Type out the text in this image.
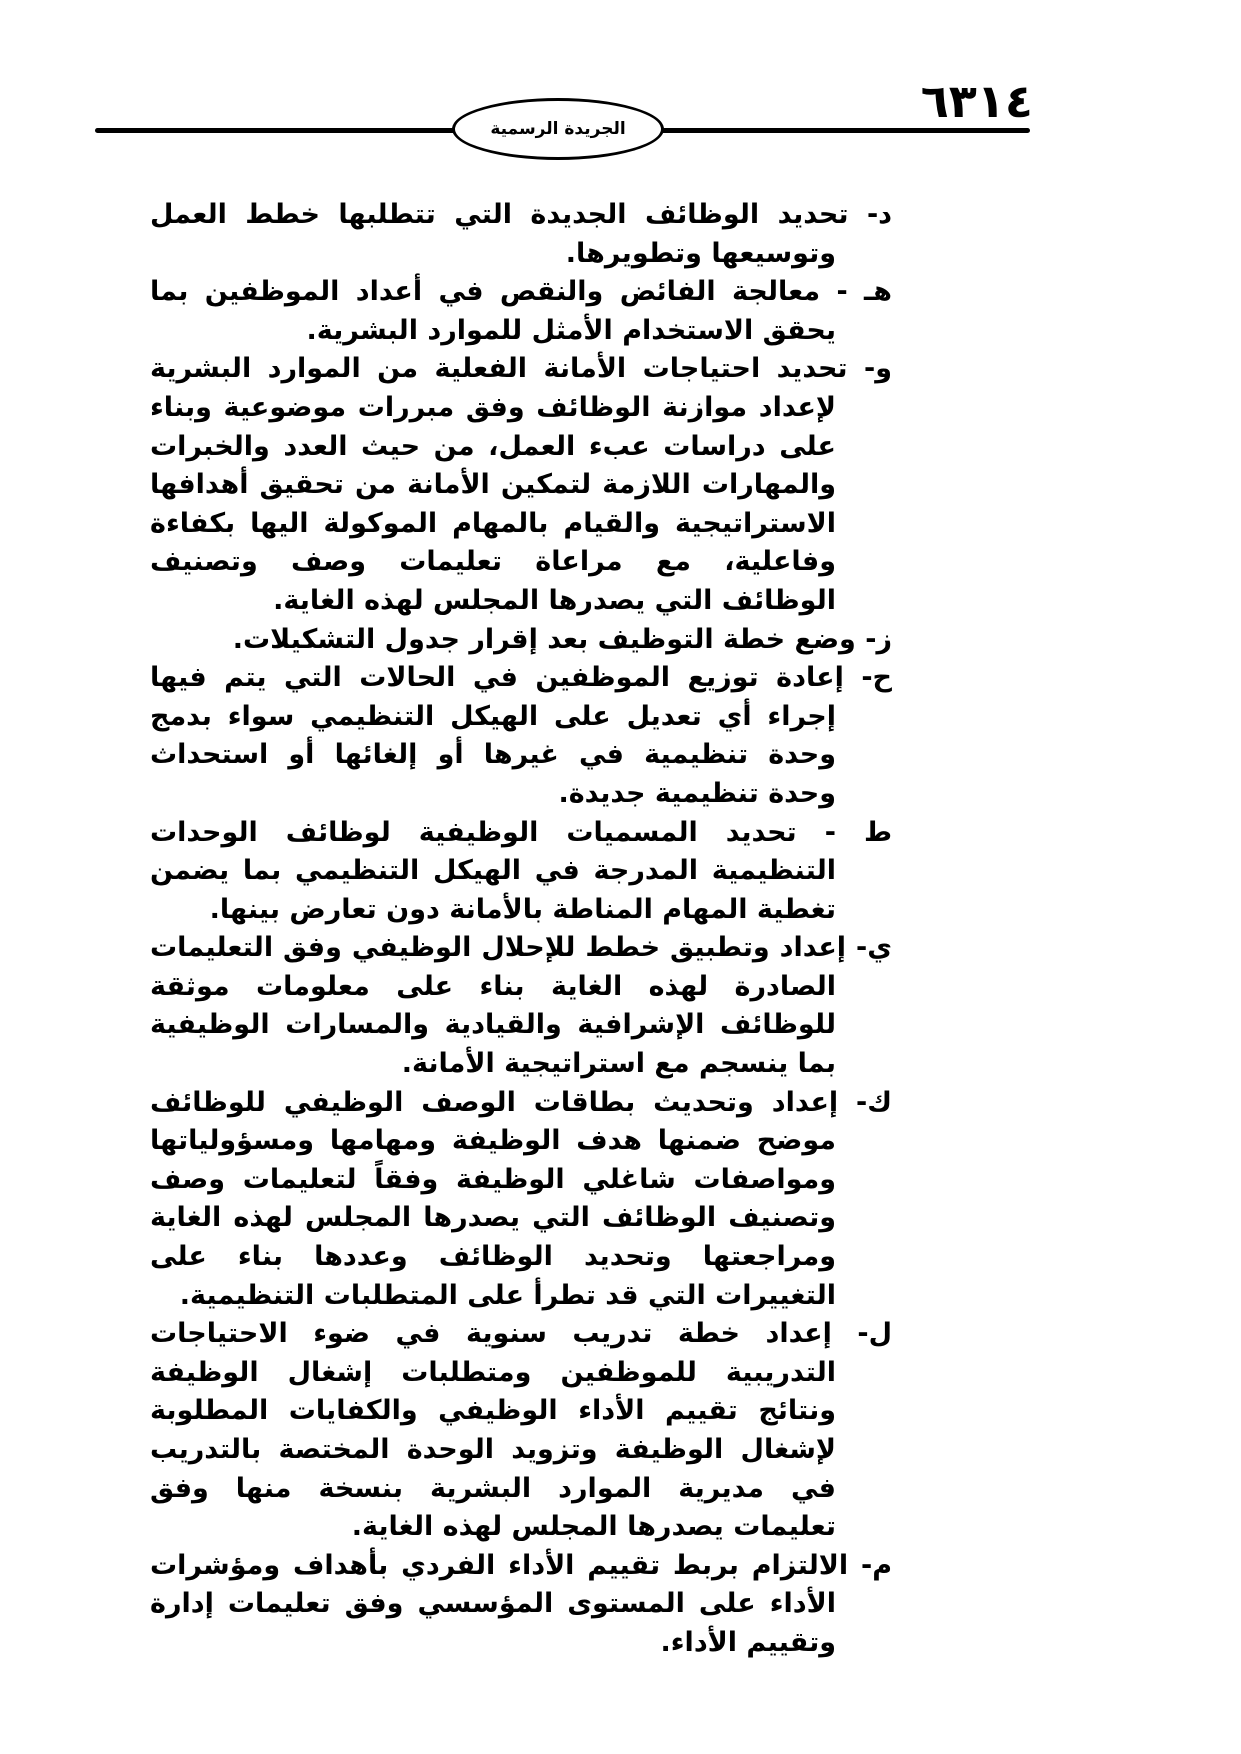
٦٣١٤
الجريدة الرسمية
د- تحديد الوظائف الجديدة التي تتطلبها خطط العمل وتوسيعها وتطويرها.
هـ - معالجة الفائض والنقص في أعداد الموظفين بما يحقق الاستخدام الأمثل للموارد البشرية.
و- تحديد احتياجات الأمانة الفعلية من الموارد البشرية لإعداد موازنة الوظائف وفق مبررات موضوعية وبناء على دراسات عبء العمل، من حيث العدد والخبرات والمهارات اللازمة لتمكين الأمانة من تحقيق أهدافها الاستراتيجية والقيام بالمهام الموكولة اليها بكفاءة وفاعلية، مع مراعاة تعليمات وصف وتصنيف الوظائف التي يصدرها المجلس لهذه الغاية.
ز- وضع خطة التوظيف بعد إقرار جدول التشكيلات.
ح- إعادة توزيع الموظفين في الحالات التي يتم فيها إجراء أي تعديل على الهيكل التنظيمي سواء بدمج وحدة تنظيمية في غيرها أو إلغائها أو استحداث وحدة تنظيمية جديدة.
ط - تحديد المسميات الوظيفية لوظائف الوحدات التنظيمية المدرجة في الهيكل التنظيمي بما يضمن تغطية المهام المناطة بالأمانة دون تعارض بينها.
ي- إعداد وتطبيق خطط للإحلال الوظيفي وفق التعليمات الصادرة لهذه الغاية بناء على معلومات موثقة للوظائف الإشرافية والقيادية والمسارات الوظيفية بما ينسجم مع استراتيجية الأمانة.
ك- إعداد وتحديث بطاقات الوصف الوظيفي للوظائف موضح ضمنها هدف الوظيفة ومهامها ومسؤولياتها ومواصفات شاغلي الوظيفة وفقاً لتعليمات وصف وتصنيف الوظائف التي يصدرها المجلس لهذه الغاية ومراجعتها وتحديد الوظائف وعددها بناء على التغييرات التي قد تطرأ على المتطلبات التنظيمية.
ل- إعداد خطة تدريب سنوية في ضوء الاحتياجات التدريبية للموظفين ومتطلبات إشغال الوظيفة ونتائج تقييم الأداء الوظيفي والكفايات المطلوبة لإشغال الوظيفة وتزويد الوحدة المختصة بالتدريب في مديرية الموارد البشرية بنسخة منها وفق تعليمات يصدرها المجلس لهذه الغاية.
م- الالتزام بربط تقييم الأداء الفردي بأهداف ومؤشرات الأداء على المستوى المؤسسي وفق تعليمات إدارة وتقييم الأداء.
